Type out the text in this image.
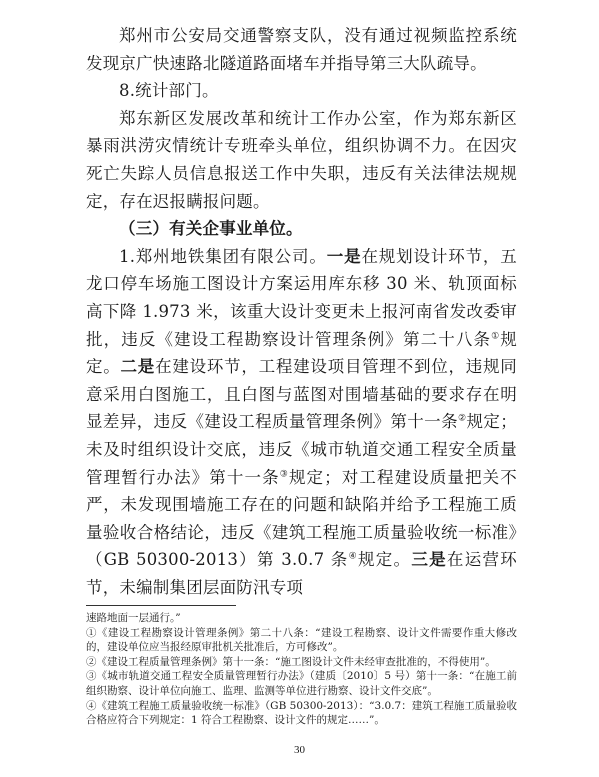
郑州市公安局交通警察支队，没有通过视频监控系统发现京广快速路北隧道路面堵车并指导第三大队疏导。

8.统计部门。

郑东新区发展改革和统计工作办公室，作为郑东新区暴雨洪涝灾情统计专班牵头单位，组织协调不力。在因灾死亡失踪人员信息报送工作中失职，违反有关法律法规规定，存在迟报瞒报问题。

（三）有关企事业单位。

1.郑州地铁集团有限公司。一是在规划设计环节，五龙口停车场施工图设计方案运用库东移 30 米、轨顶面标高下降 1.973 米，该重大设计变更未上报河南省发改委审批，违反《建设工程勘察设计管理条例》第二十八条①规定。二是在建设环节，工程建设项目管理不到位，违规同意采用白图施工，且白图与蓝图对围墙基础的要求存在明显差异，违反《建设工程质量管理条例》第十一条②规定；未及时组织设计交底，违反《城市轨道交通工程安全质量管理暂行办法》第十一条③规定；对工程建设质量把关不严，未发现围墙施工存在的问题和缺陷并给予工程施工质量验收合格结论，违反《建筑工程施工质量验收统一标准》（GB 50300-2013）第 3.0.7 条④规定。三是在运营环节，未编制集团层面防汛专项

速路地面一层通行。”

①《建设工程勘察设计管理条例》第二十八条：“建设工程勘察、设计文件需要作重大修改的，建设单位应当报经原审批机关批准后，方可修改”。

②《建设工程质量管理条例》第十一条：“施工图设计文件未经审查批准的，不得使用”。

③《城市轨道交通工程安全质量管理暂行办法》（建质〔2010〕5 号）第十一条：“在施工前组织勘察、设计单位向施工、监理、监测等单位进行勘察、设计文件交底”。

④《建筑工程施工质量验收统一标准》（GB 50300-2013）：“3.0.7：建筑工程施工质量验收合格应符合下列规定：1 符合工程勘察、设计文件的规定……”。

30
